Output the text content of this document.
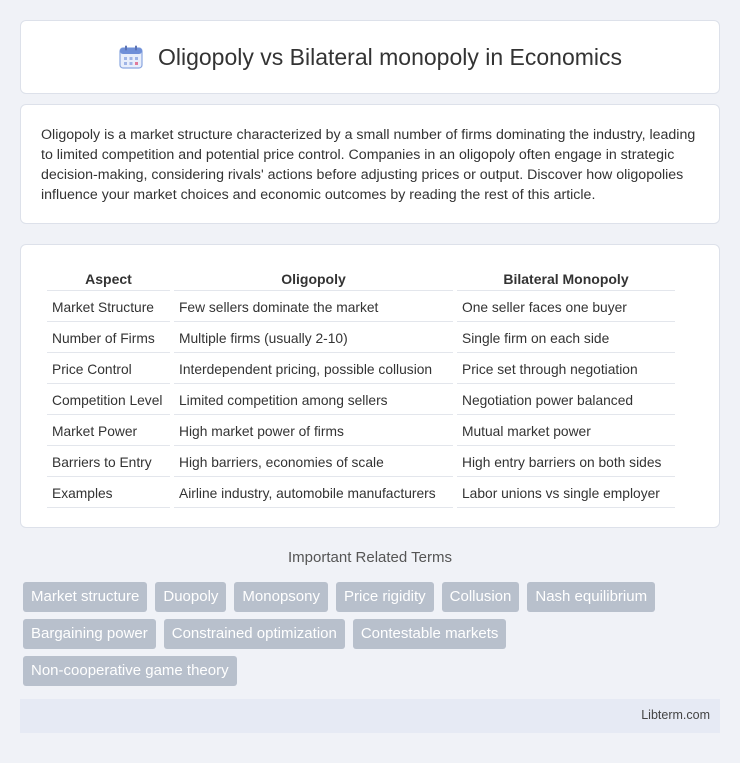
Oligopoly vs Bilateral monopoly in Economics

Oligopoly is a market structure characterized by a small number of firms dominating the industry, leading to limited competition and potential price control. Companies in an oligopoly often engage in strategic decision-making, considering rivals' actions before adjusting prices or output. Discover how oligopolies influence your market choices and economic outcomes by reading the rest of this article.

Aspect	Oligopoly	Bilateral Monopoly
Market Structure	Few sellers dominate the market	One seller faces one buyer
Number of Firms	Multiple firms (usually 2-10)	Single firm on each side
Price Control	Interdependent pricing, possible collusion	Price set through negotiation
Competition Level	Limited competition among sellers	Negotiation power balanced
Market Power	High market power of firms	Mutual market power
Barriers to Entry	High barriers, economies of scale	High entry barriers on both sides
Examples	Airline industry, automobile manufacturers	Labor unions vs single employer
Important Related Terms
Market structure	Duopoly	Monopsony	Price rigidity	Collusion	Nash equilibrium
Bargaining power	Constrained optimization	Contestable markets
Non-cooperative game theory
Libterm.com
